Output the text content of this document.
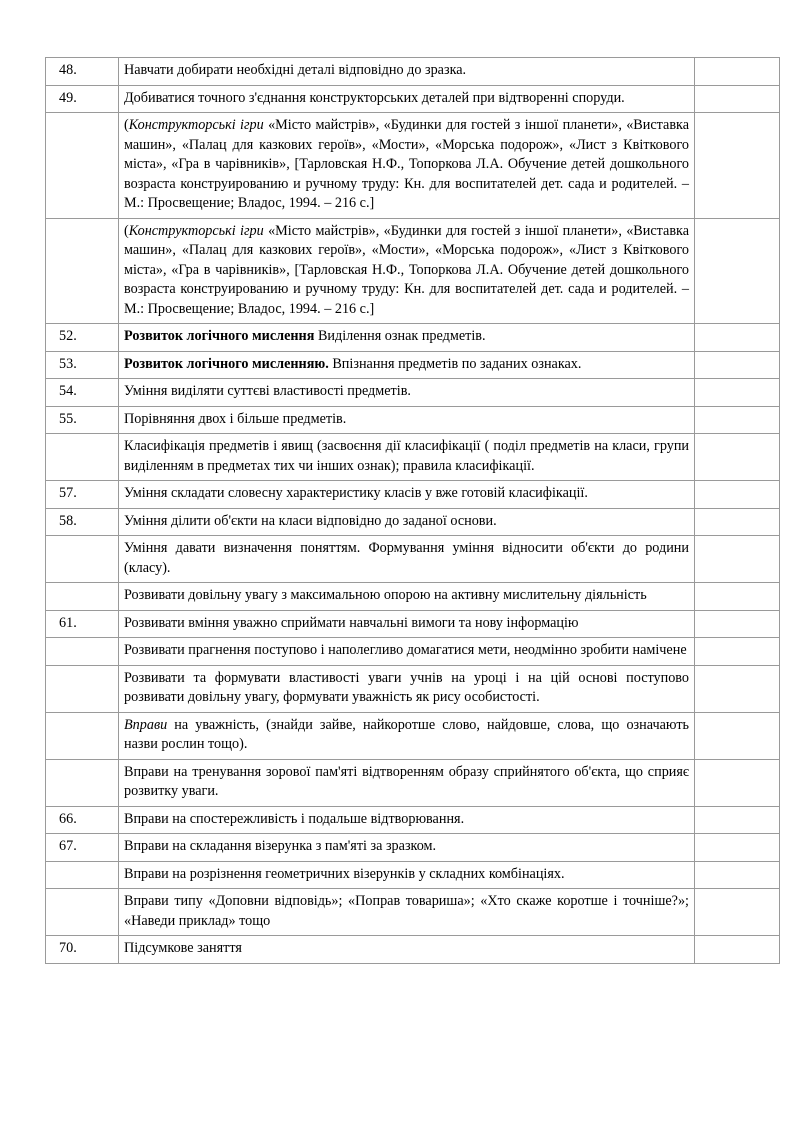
48.	Навчати добирати необхідні деталі відповідно до зразка.	
49.	Добиватися точного з'єднання конструкторських деталей при відтворенні споруди.	
	(Конструкторські ігри «Місто майстрів», «Будинки для гостей з іншої планети», «Виставка машин», «Палац для казкових героїв», «Мости», «Морська подорож», «Лист з Квіткового міста», «Гра в чарівників», [Тарловская Н.Ф., Топоркова Л.А. Обучение детей дошкольного возраста конструированию и ручному труду: Кн. для воспитателей дет. сада и родителей. – М.: Просвещение; Владос, 1994. – 216 с.]	
	(Конструкторські ігри «Місто майстрів», «Будинки для гостей з іншої планети», «Виставка машин», «Палац для казкових героїв», «Мости», «Морська подорож», «Лист з Квіткового міста», «Гра в чарівників», [Тарловская Н.Ф., Топоркова Л.А. Обучение детей дошкольного возраста конструированию и ручному труду: Кн. для воспитателей дет. сада и родителей. – М.: Просвещение; Владос, 1994. – 216 с.]	
52.	Розвиток логічного мислення Виділення ознак предметів.	
53.	Розвиток логічного мисленняю. Впізнання предметів по заданих ознаках.	
54.	Уміння виділяти суттєві властивості предметів.	
55.	Порівняння двох і більше предметів.	
	Класифікація предметів і явищ (засвоєння дії класифікації ( поділ предметів на класи, групи виділенням в предметах тих чи інших ознак); правила класифікації.	
57.	Уміння складати словесну характеристику класів у вже готовій класифікації.	
58.	Уміння ділити об'єкти на класи відповідно до заданої основи.	
	Уміння давати визначення поняттям. Формування уміння відносити об'єкти до родини (класу).	
	Розвивати довільну увагу з максимальною опорою на активну мислительну діяльність	
61.	Розвивати вміння уважно сприймати навчальні вимоги та нову інформацію	
	Розвивати прагнення поступово і наполегливо домагатися мети, неодмінно зробити намічене	
	Розвивати та формувати властивості уваги учнів на уроці і на цій основі поступово розвивати довільну увагу, формувати уважність як рису особистості.	
	Вправи на уважність, (знайди зайве, найкоротше слово, найдовше, слова, що означають назви рослин тощо).	
	Вправи на тренування зорової пам'яті відтворенням образу сприйнятого об'єкта, що сприяє розвитку уваги.	
66.	Вправи на спостережливість і подальше відтворювання.	
67.	Вправи на складання візерунка з пам'яті за зразком.	
	Вправи на розрізнення геометричних візерунків у складних комбінаціях.	
	Вправи типу «Доповни відповідь»; «Поправ товариша»; «Хто скаже коротше і точніше?»; «Наведи приклад» тощо	
70.	Підсумкове заняття	
